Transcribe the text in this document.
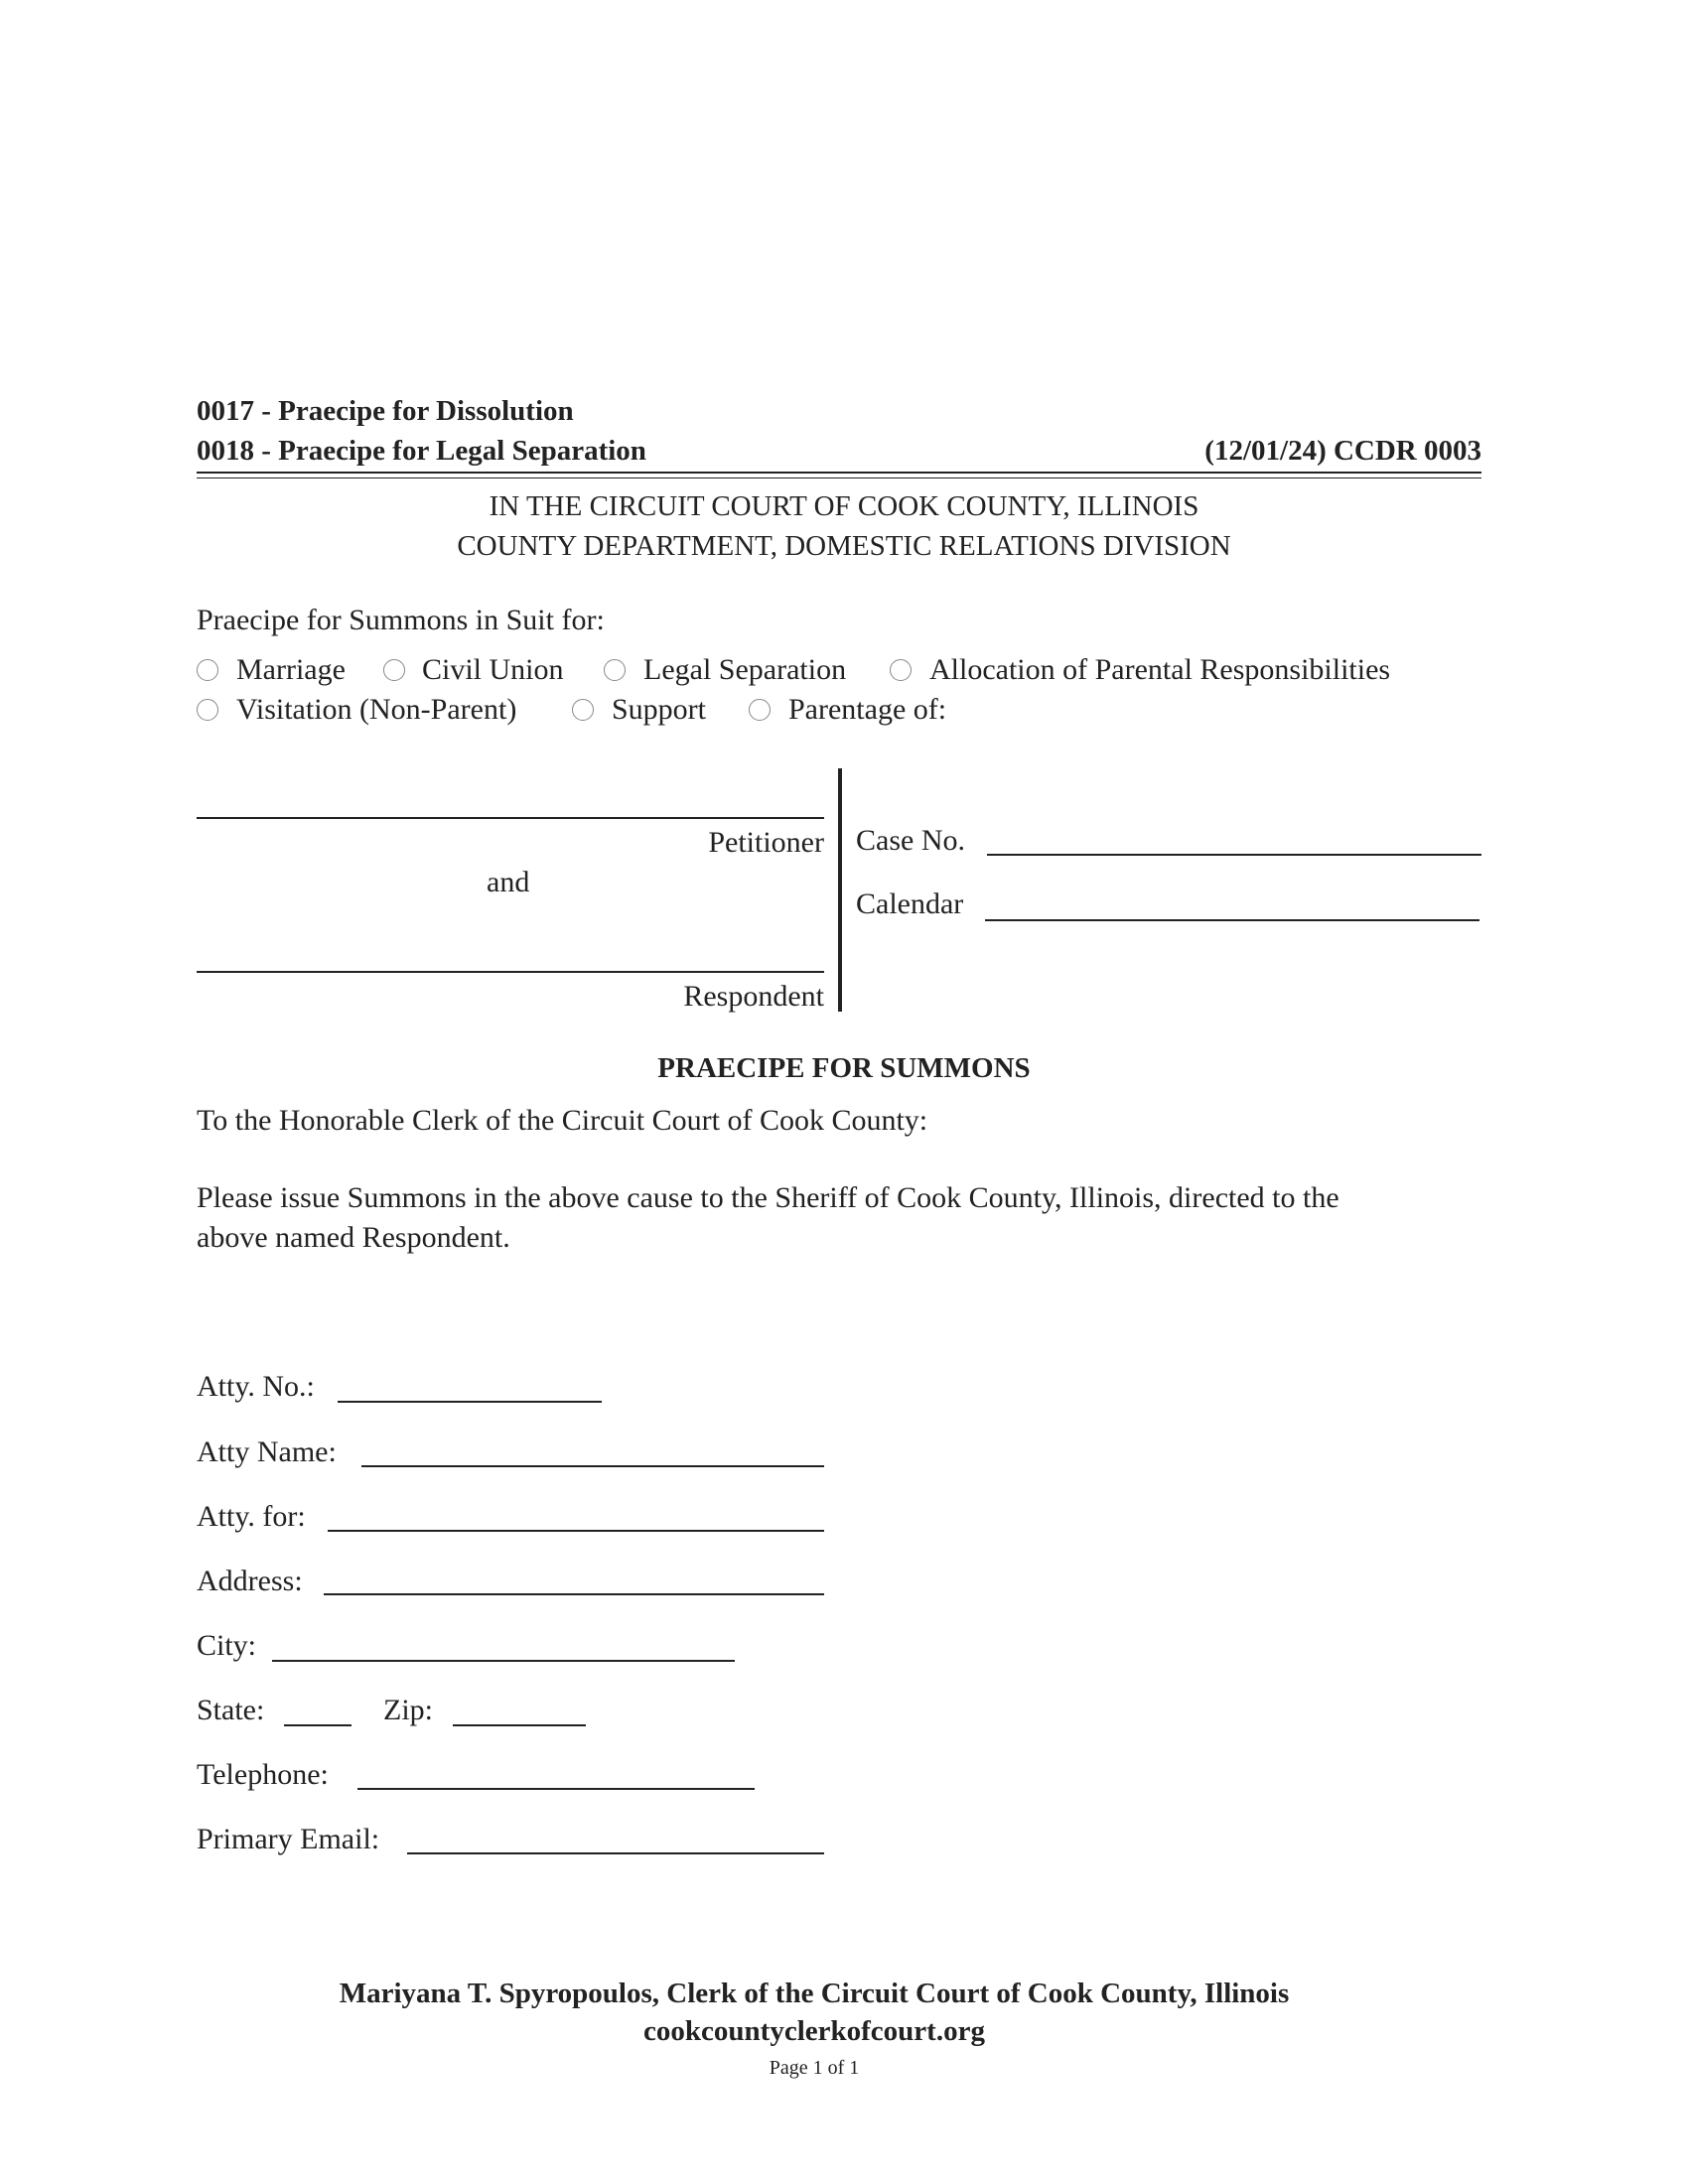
0017 - Praecipe for Dissolution
0018 - Praecipe for Legal Separation	(12/01/24) CCDR 0003
IN THE CIRCUIT COURT OF COOK COUNTY, ILLINOIS
COUNTY DEPARTMENT, DOMESTIC RELATIONS DIVISION
Praecipe for Summons in Suit for:
Marriage	Civil Union	Legal Separation	Allocation of Parental Responsibilities
Visitation (Non-Parent)	Support	Parentage of:
Petitioner
and
Respondent
Case No.
Calendar
PRAECIPE FOR SUMMONS
To the Honorable Clerk of the Circuit Court of Cook County:
Please issue Summons in the above cause to the Sheriff of Cook County, Illinois, directed to the
above named Respondent.
Atty. No.:
Atty Name:
Atty. for:
Address:
City:
State:	Zip:
Telephone:
Primary Email:
Mariyana T. Spyropoulos, Clerk of the Circuit Court of Cook County, Illinois
cookcountyclerkofcourt.org
Page 1 of 1
